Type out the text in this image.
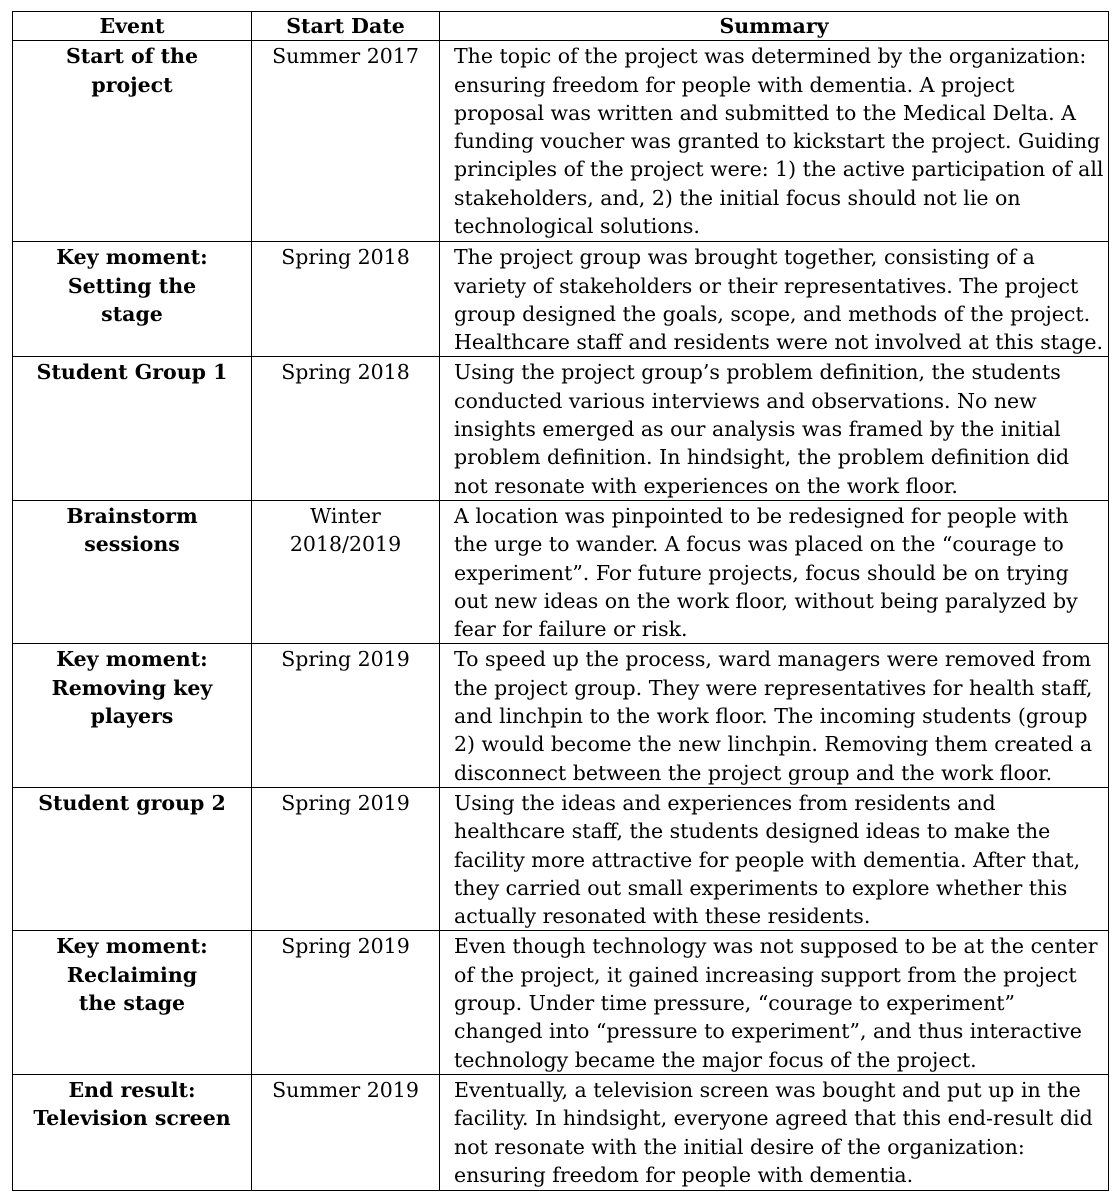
Event	Start Date	Summary
Start of the project	Summer 2017	The topic of the project was determined by the organization: ensuring freedom for people with dementia. A project proposal was written and submitted to the Medical Delta. A funding voucher was granted to kickstart the project. Guiding principles of the project were: 1) the active participation of all stakeholders, and, 2) the initial focus should not lie on technological solutions.
Key moment: Setting the stage	Spring 2018	The project group was brought together, consisting of a variety of stakeholders or their representatives. The project group designed the goals, scope, and methods of the project. Healthcare staff and residents were not involved at this stage.
Student Group 1	Spring 2018	Using the project group’s problem definition, the students conducted various interviews and observations. No new insights emerged as our analysis was framed by the initial problem definition. In hindsight, the problem definition did not resonate with experiences on the work floor.
Brainstorm sessions	Winter 2018/2019	A location was pinpointed to be redesigned for people with the urge to wander. A focus was placed on the “courage to experiment”. For future projects, focus should be on trying out new ideas on the work floor, without being paralyzed by fear for failure or risk.
Key moment: Removing key players	Spring 2019	To speed up the process, ward managers were removed from the project group. They were representatives for health staff, and linchpin to the work floor. The incoming students (group 2) would become the new linchpin. Removing them created a disconnect between the project group and the work floor.
Student group 2	Spring 2019	Using the ideas and experiences from residents and healthcare staff, the students designed ideas to make the facility more attractive for people with dementia. After that, they carried out small experiments to explore whether this actually resonated with these residents.
Key moment: Reclaiming the stage	Spring 2019	Even though technology was not supposed to be at the center of the project, it gained increasing support from the project group. Under time pressure, “courage to experiment” changed into “pressure to experiment”, and thus interactive technology became the major focus of the project.
End result: Television screen	Summer 2019	Eventually, a television screen was bought and put up in the facility. In hindsight, everyone agreed that this end-result did not resonate with the initial desire of the organization: ensuring freedom for people with dementia.
